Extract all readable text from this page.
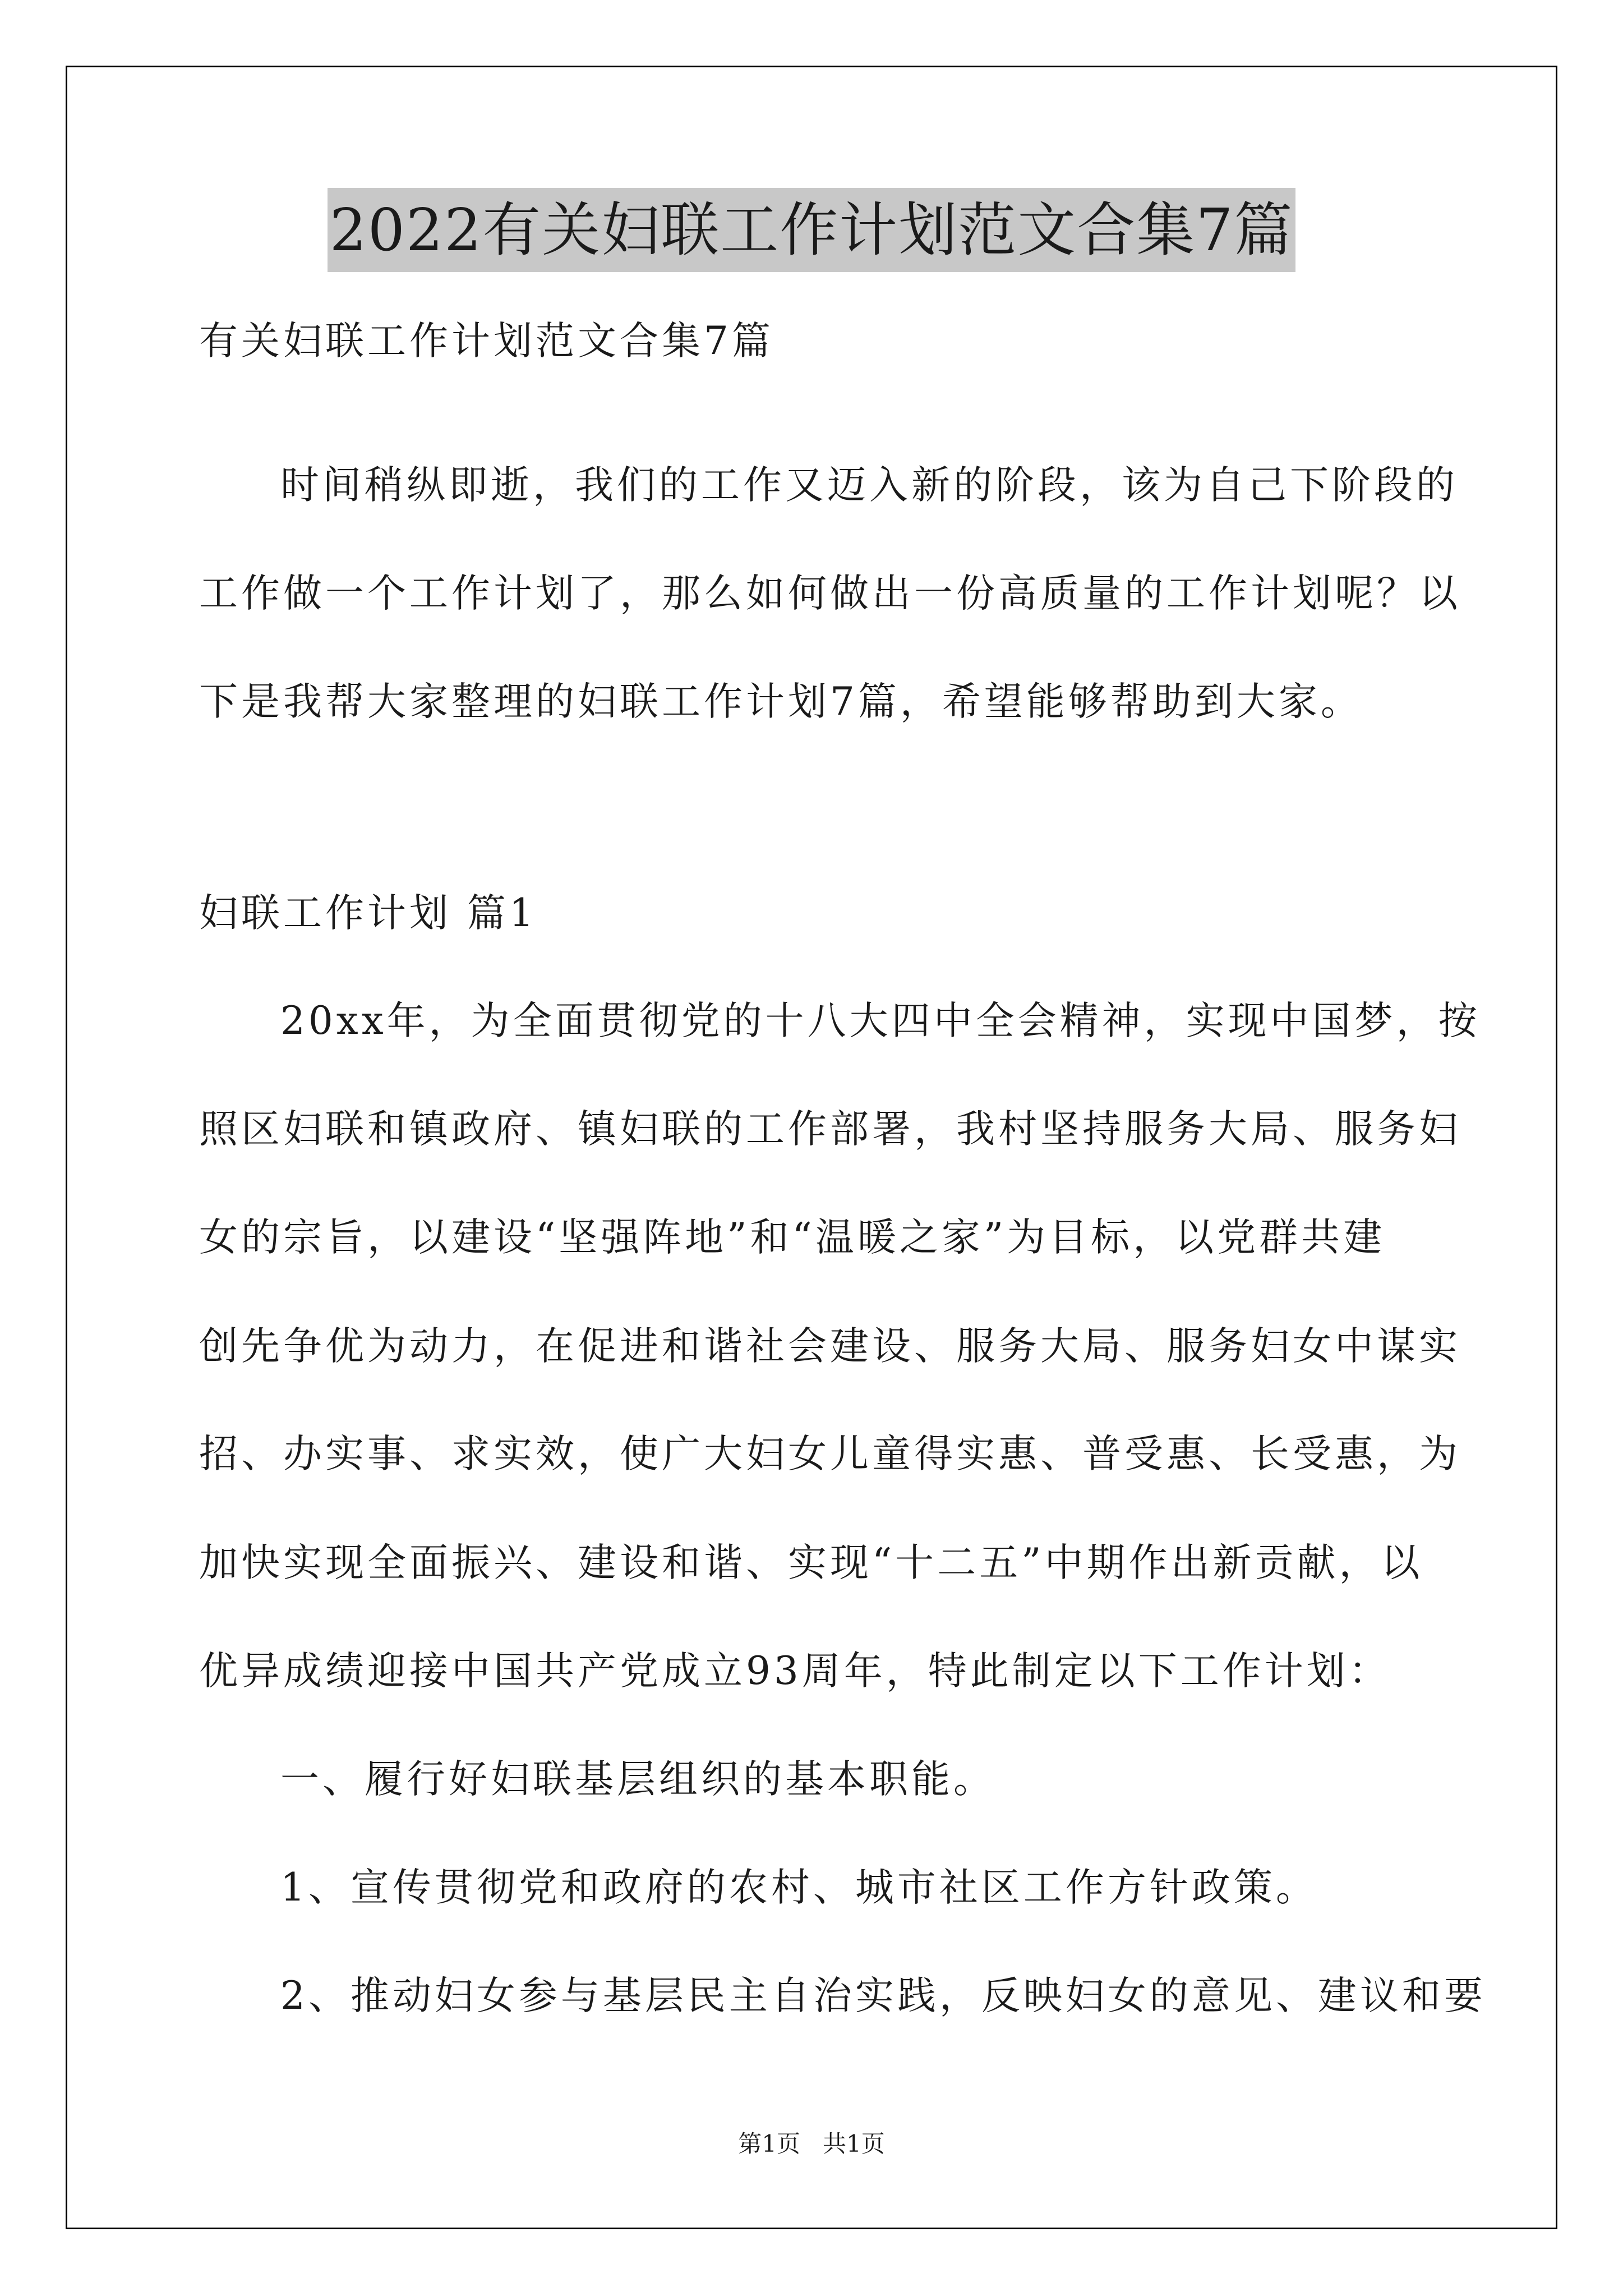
2022有关妇联工作计划范文合集7篇
有关妇联工作计划范文合集7篇
时间稍纵即逝，我们的工作又迈入新的阶段，该为自己下阶段的
工作做一个工作计划了，那么如何做出一份高质量的工作计划呢？以
下是我帮大家整理的妇联工作计划7篇，希望能够帮助到大家。
妇联工作计划 篇1
20xx年，为全面贯彻党的十八大四中全会精神，实现中国梦，按
照区妇联和镇政府、镇妇联的工作部署，我村坚持服务大局、服务妇
女的宗旨，以建设“坚强阵地”和“温暖之家”为目标，以党群共建
创先争优为动力，在促进和谐社会建设、服务大局、服务妇女中谋实
招、办实事、求实效，使广大妇女儿童得实惠、普受惠、长受惠，为
加快实现全面振兴、建设和谐、实现“十二五”中期作出新贡献，以
优异成绩迎接中国共产党成立93周年，特此制定以下工作计划：
一、履行好妇联基层组织的基本职能。
1、宣传贯彻党和政府的农村、城市社区工作方针政策。
2、推动妇女参与基层民主自治实践，反映妇女的意见、建议和要
第1页   共1页
